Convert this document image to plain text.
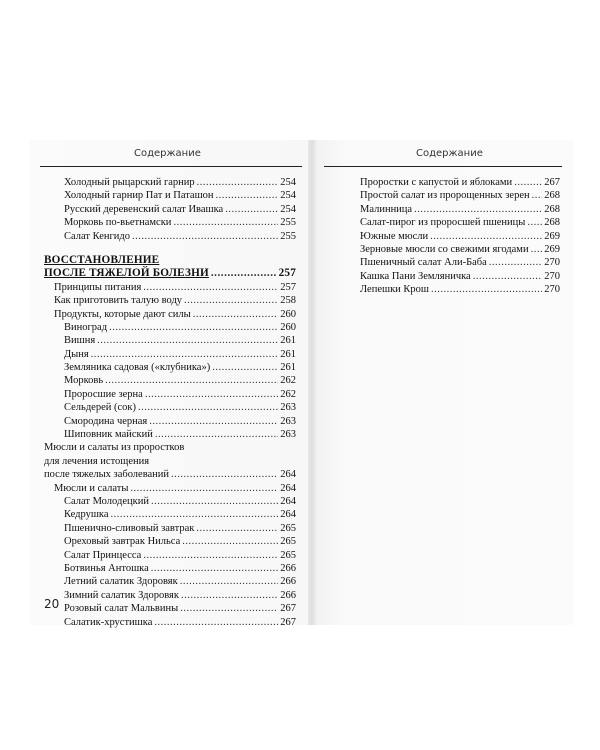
Содержание
Холодный рыцарский гарнир .....	254
Холодный гарнир Пат и Паташон .....	254
Русский деревенский салат Ивашка .....	254
Морковь по-вьетнамски .....	255
Салат Кенгидо .....	255
ВОССТАНОВЛЕНИЕ
ПОСЛЕ ТЯЖЕЛОЙ БОЛЕЗНИ .....	257
Принципы питания .....	257
Как приготовить талую воду .....	258
Продукты, которые дают силы .....	260
Виноград .....	260
Вишня .....	261
Дыня .....	261
Земляника садовая («клубника») .....	261
Морковь .....	262
Проросшие зерна .....	262
Сельдерей (сок) .....	263
Смородина черная .....	263
Шиповник майский .....	263
Мюсли и салаты из проростков
для лечения истощения
после тяжелых заболеваний .....	264
Мюсли и салаты .....	264
Салат Молодецкий .....	264
Кедрушка .....	264
Пшенично-сливовый завтрак .....	265
Ореховый завтрак Нильса .....	265
Салат Принцесса .....	265
Ботвинья Антошка .....	266
Летний салатик Здоровяк .....	266
Зимний салатик Здоровяк .....	266
Розовый салат Мальвины .....	267
Салатик-хрустишка .....	267
20
Содержание
Проростки с капустой и яблоками .....	267
Простой салат из пророщенных зерен ..... 268
Малинница .....	268
Салат-пирог из проросшей пшеницы ..... 268
Южные мюсли .....	269
Зерновые мюсли со свежими ягодами ..... 269
Пшеничный салат Али-Баба .....	270
Кашка Пани Земляничка .....	270
Лепешки Крош .....	270
